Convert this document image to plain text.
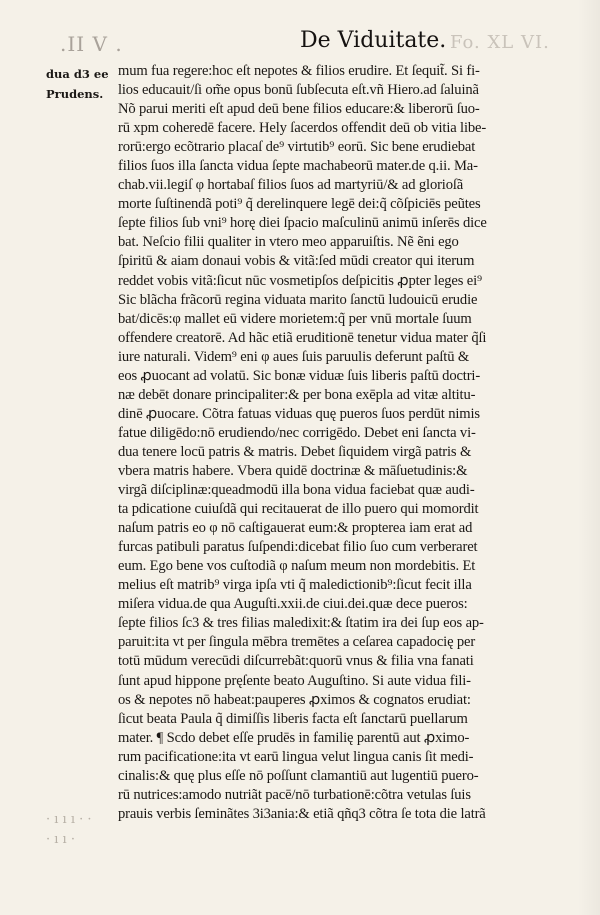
.II V .	De Viduitate. Fo. XL VI.
dua d3 ee
Prudens.
· ı ı ı · ·
· ı ı ·
mum fua regere:hoc eſt nepotes & filios erudire. Et ſequit̃. Si fi-
lios educauit/ſi om̃e opus bonū ſubſecuta eſt.vñ Hiero.ad ſaluinã
Nõ parui meriti eſt apud deū bene filios educare:& liberorū ſuo-
rū xpm coheredē facere. Hely ſacerdos offendit deū ob vitia libe-
rorū:ergo ecõtrario placaſ de⁹ virtutib⁹ eorū. Sic bene erudiebat
filios ſuos illa ſancta vidua ſepte machabeorū mater.de q.ii. Ma-
chab.vii.legiſ φ hortabaſ filios ſuos ad martyriū/& ad glorioſã
morte ſuſtinendã poti⁹ q̃ derelinquere legē dei:q̃ cõſpiciēs peũtes
ſepte filios ſub vni⁹ horę diei ſpacio maſculinū animū inſerēs dice
bat. Neſcio filii qualiter in vtero meo apparuiſtis. Nẽ ẽni ego
ſpiritū & aiam donaui vobis & vitã:ſed mūdi creator qui iterum
reddet vobis vitã:ſicut nūc vosmetipſos deſpicitis ꝓpter leges ei⁹
Sic blãcha frãcorū regina viduata marito ſanctū ludouicū erudie
bat/dicēs:φ mallet eū videre morietem:q̃ per vnū mortale ſuum
offendere creatorē. Ad hãc etiã eruditionē tenetur vidua mater q̃ſi
iure naturali. Videm⁹ eni φ aues ſuis paruulis deferunt paſtū &
eos ꝓuocant ad volatū. Sic bonæ viduæ ſuis liberis paſtū doctri-
næ debēt donare principaliter:& per bona exēpla ad vitæ altitu-
dinē ꝓuocare. Cõtra fatuas viduas quę pueros ſuos perdūt nimis
fatue diligēdo:nō erudiendo/nec corrigēdo. Debet eni ſancta vi-
dua tenere locū patris & matris. Debet ſiquidem virgã patris &
vbera matris habere. Vbera quidē doctrinæ & māſuetudinis:&
virgã diſciplinæ:queadmodū illa bona vidua faciebat quæ audi-
ta pdicatione cuiuſdã qui recitauerat de illo puero qui momordit
naſum patris eo φ nō caſtigauerat eum:& propterea iam erat ad
furcas patibuli paratus ſuſpendi:dicebat filio ſuo cum verberaret
eum. Ego bene vos cuſtodiã φ naſum meum non mordebitis. Et
melius eſt matrib⁹ virga ipſa vti q̃ maledictionib⁹:ſicut fecit illa
miſera vidua.de qua Auguſti.xxii.de ciui.dei.quæ dece pueros:
ſepte filios ſc3 & tres filias maledixit:& ſtatim ira dei ſup eos ap-
paruit:ita vt per ſingula mēbra tremētes a ceſarea capadocię per
totū mūdum verecūdi diſcurrebãt:quorū vnus & filia vna fanati
ſunt apud hippone pręſente beato Auguſtino. Si aute vidua fili-
os & nepotes nō habeat:pauperes ꝓximos & cognatos erudiat:
ſicut beata Paula q̃ dimiſſis liberis facta eſt ſanctarū puellarum
mater. ¶ Scdo debet eſſe prudēs in familię parentū aut ꝓximo-
rum pacificatione:ita vt earū lingua velut lingua canis ſit medi-
cinalis:& quę plus eſſe nō poſſunt clamantiū aut lugentiū puero-
rū nutrices:amodo nutriãt pacē/nō turbationē:cõtra vetulas ſuis
prauis verbis ſeminãtes 3i3ania:& etiã qñq3 cõtra ſe tota die latrã
